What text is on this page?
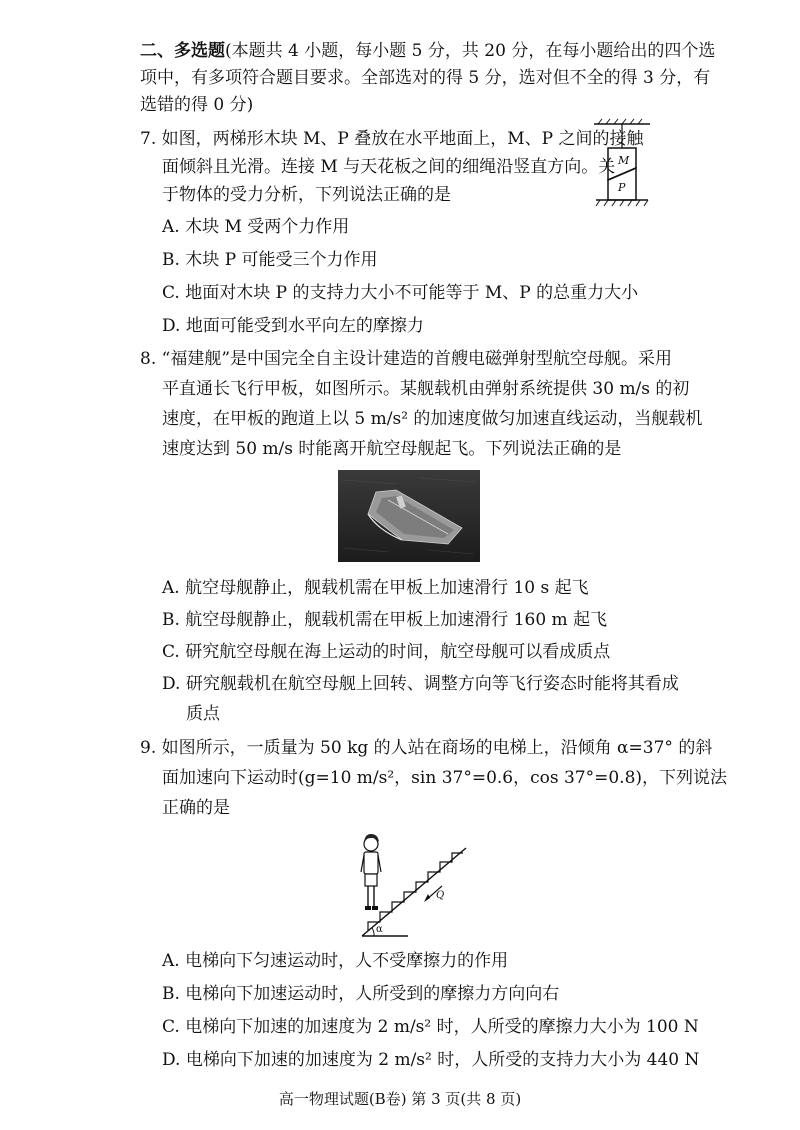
二、多选题(本题共 4 小题，每小题 5 分，共 20 分，在每小题给出的四个选
项中，有多项符合题目要求。全部选对的得 5 分，选对但不全的得 3 分，有
选错的得 0 分)
7. 如图，两梯形木块 M、P 叠放在水平地面上，M、P 之间的接触
面倾斜且光滑。连接 M 与天花板之间的细绳沿竖直方向。关
于物体的受力分析，下列说法正确的是
M
P
A. 木块 M 受两个力作用
B. 木块 P 可能受三个力作用
C. 地面对木块 P 的支持力大小不可能等于 M、P 的总重力大小
D. 地面可能受到水平向左的摩擦力
8. “福建舰”是中国完全自主设计建造的首艘电磁弹射型航空母舰。采用
平直通长飞行甲板，如图所示。某舰载机由弹射系统提供 30 m/s 的初
速度，在甲板的跑道上以 5 m/s² 的加速度做匀加速直线运动，当舰载机
速度达到 50 m/s 时能离开航空母舰起飞。下列说法正确的是
A. 航空母舰静止，舰载机需在甲板上加速滑行 10 s 起飞
B. 航空母舰静止，舰载机需在甲板上加速滑行 160 m 起飞
C. 研究航空母舰在海上运动的时间，航空母舰可以看成质点
D. 研究舰载机在航空母舰上回转、调整方向等飞行姿态时能将其看成
质点
9. 如图所示，一质量为 50 kg 的人站在商场的电梯上，沿倾角 α=37° 的斜
面加速向下运动时(g=10 m/s²，sin 37°=0.6，cos 37°=0.8)，下列说法
正确的是
α
Q
A. 电梯向下匀速运动时，人不受摩擦力的作用
B. 电梯向下加速运动时，人所受到的摩擦力方向向右
C. 电梯向下加速的加速度为 2 m/s² 时，人所受的摩擦力大小为 100 N
D. 电梯向下加速的加速度为 2 m/s² 时，人所受的支持力大小为 440 N
高一物理试题(B卷) 第 3 页(共 8 页)
